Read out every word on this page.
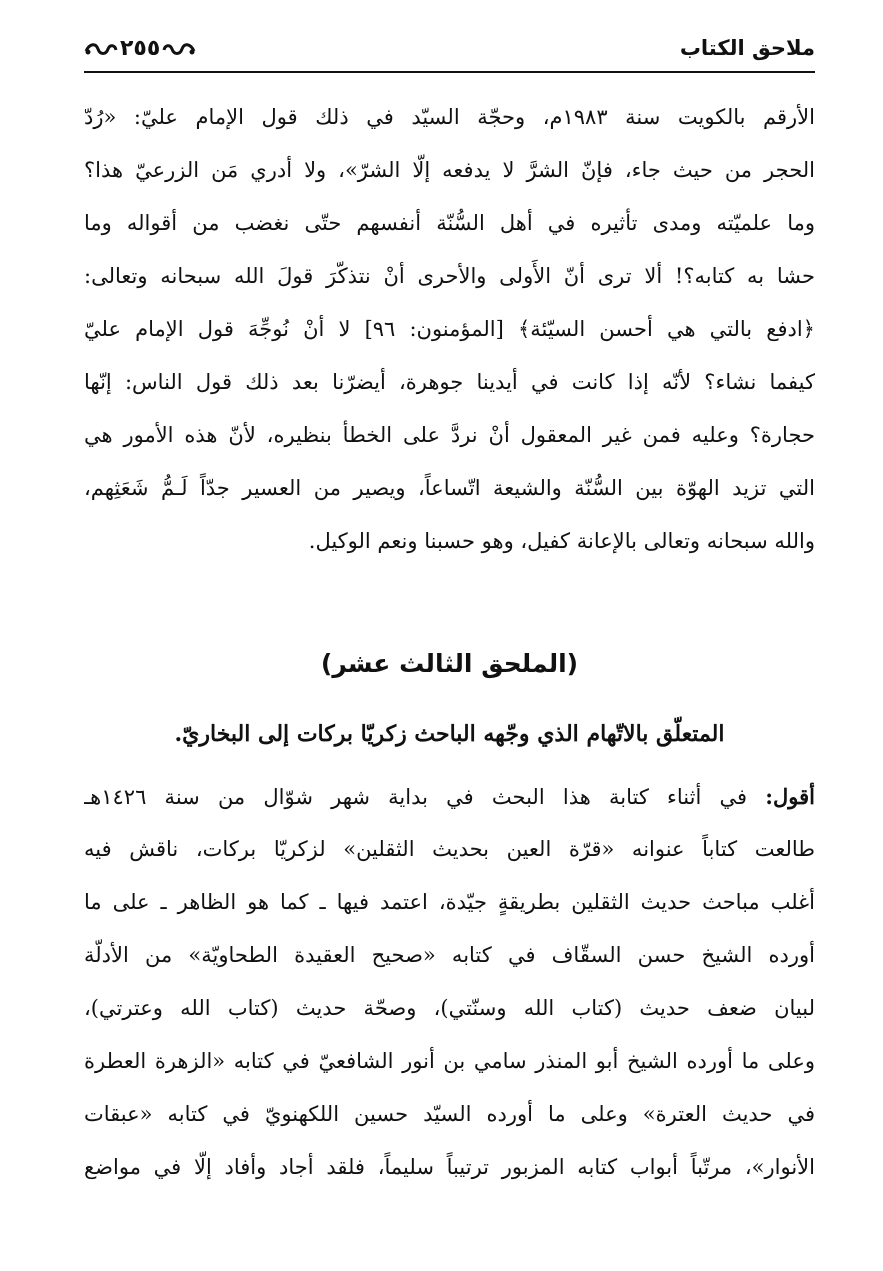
ملاحق الكتاب
٢٥٥
الأرقم بالكويت سنة ١٩٨٣م، وحجّة السيّد في ذلك قول الإمام عليّ: «رُدّ
الحجر من حيث جاء، فإنّ الشرَّ لا يدفعه إلّا الشرّ»، ولا أدري مَن الزرعيّ هذا؟
وما علميّته ومدى تأثيره في أهل السُّنّة أنفسهم حتّى نغضب من أقواله وما
حشا به كتابه؟! ألا ترى أنّ الأَولى والأحرى أنْ نتذكّرَ قولَ الله سبحانه وتعالى:
﴿ادفع بالتي هي أحسن السيّئة﴾ [المؤمنون: ٩٦] لا أنْ نُوجِّهَ قول الإمام عليّ
كيفما نشاء؟ لأنّه إذا كانت في أيدينا جوهرة، أيضرّنا بعد ذلك قول الناس: إنّها
حجارة؟ وعليه فمن غير المعقول أنْ نردَّ على الخطأ بنظيره، لأنّ هذه الأمور هي
التي تزيد الهوّة بين السُّنّة والشيعة اتّساعاً، ويصير من العسير جدّاً لَـمُّ شَعَثِهم،
والله سبحانه وتعالى بالإعانة كفيل، وهو حسبنا ونعم الوكيل.
(الملحق الثالث عشر)
المتعلّق بالاتّهام الذي وجّهه الباحث زكريّا بركات إلى البخاريّ.
أقول: في أثناء كتابة هذا البحث في بداية شهر شوّال من سنة ١٤٢٦هـ
طالعت كتاباً عنوانه «قرّة العين بحديث الثقلين» لزكريّا بركات، ناقش فيه
أغلب مباحث حديث الثقلين بطريقةٍ جيّدة، اعتمد فيها ـ كما هو الظاهر ـ على ما
أورده الشيخ حسن السقّاف في كتابه «صحيح العقيدة الطحاويّة» من الأدلّة
لبيان ضعف حديث (كتاب الله وسنّتي)، وصحّة حديث (كتاب الله وعترتي)،
وعلى ما أورده الشيخ أبو المنذر سامي بن أنور الشافعيّ في كتابه «الزهرة العطرة
في حديث العترة» وعلى ما أورده السيّد حسين اللكهنويّ في كتابه «عبقات
الأنوار»، مرتّباً أبواب كتابه المزبور ترتيباً سليماً، فلقد أجاد وأفاد إلّا في مواضع
